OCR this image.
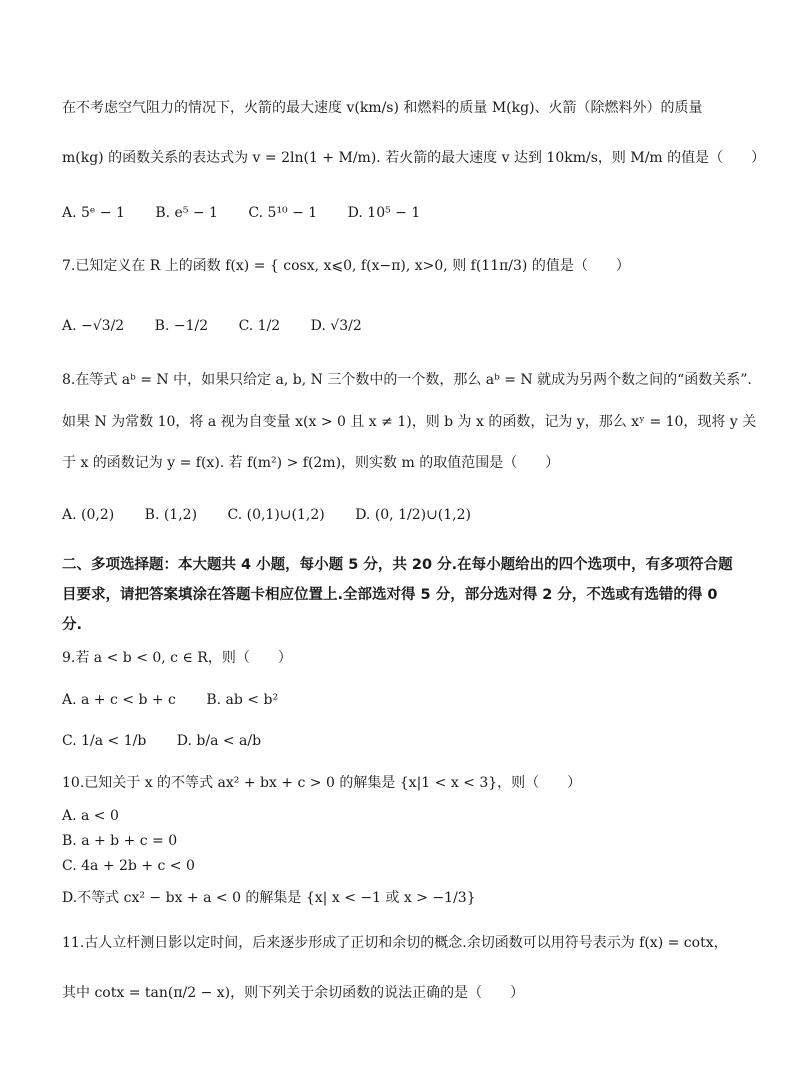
在不考虑空气阻力的情况下，火箭的最大速度 v(km/s) 和燃料的质量 M(kg)、火箭（除燃料外）的质量
m(kg) 的函数关系的表达式为 v = 2ln(1 + M/m). 若火箭的最大速度 v 达到 10km/s，则 M/m 的值是（　　）
A. 5ᵉ − 1 B. e⁵ − 1 C. 5¹⁰ − 1 D. 10⁵ − 1
7.已知定义在 R 上的函数 f(x) = { cosx, x⩽0, f(x−π), x>0, 则 f(11π/3) 的值是（　　）
A. −√3/2 B. −1/2 C. 1/2 D. √3/2
8.在等式 aᵇ = N 中，如果只给定 a, b, N 三个数中的一个数，那么 aᵇ = N 就成为另两个数之间的“函数关系”.
如果 N 为常数 10，将 a 视为自变量 x(x > 0 且 x ≠ 1)，则 b 为 x 的函数，记为 y，那么 xʸ = 10，现将 y 关
于 x 的函数记为 y = f(x). 若 f(m²) > f(2m)，则实数 m 的取值范围是（　　）
A. (0,2) B. (1,2) C. (0,1)∪(1,2) D. (0, 1/2)∪(1,2)
二、多项选择题：本大题共 4 小题，每小题 5 分，共 20 分.在每小题给出的四个选项中，有多项符合题目要求，请把答案填涂在答题卡相应位置上.全部选对得 5 分，部分选对得 2 分，不选或有选错的得 0 分.
9.若 a < b < 0, c ∈ R，则（　　）
A. a + c < b + c B. ab < b²
C. 1/a < 1/b D. b/a < a/b
10.已知关于 x 的不等式 ax² + bx + c > 0 的解集是 {x|1 < x < 3}，则（　　）
A. a < 0
B. a + b + c = 0
C. 4a + 2b + c < 0
D.不等式 cx² − bx + a < 0 的解集是 {x| x < −1 或 x > −1/3}
11.古人立杆测日影以定时间，后来逐步形成了正切和余切的概念.余切函数可以用符号表示为 f(x) = cotx，
其中 cotx = tan(π/2 − x)，则下列关于余切函数的说法正确的是（　　）
